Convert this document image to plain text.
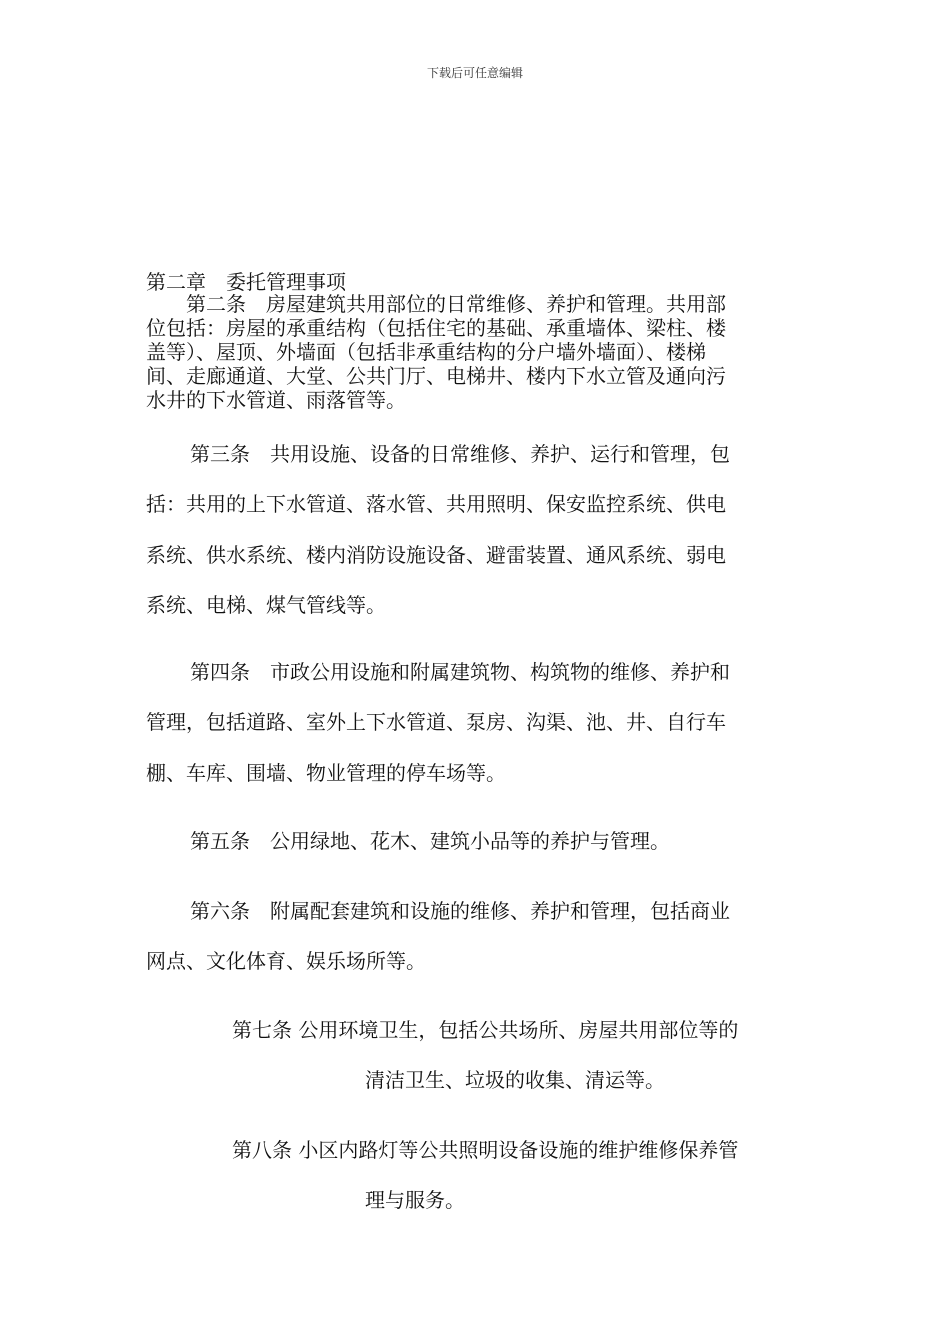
下载后可任意编辑
第二章　委托管理事项

　　第二条　房屋建筑共用部位的日常维修、养护和管理。共用部

位包括：房屋的承重结构（包括住宅的基础、承重墙体、梁柱、楼

盖等）、屋顶、外墙面（包括非承重结构的分户墙外墙面）、楼梯

间、走廊通道、大堂、公共门厅、电梯井、楼内下水立管及通向污

水井的下水管道、雨落管等。

第三条　共用设施、设备的日常维修、养护、运行和管理，包
括：共用的上下水管道、落水管、共用照明、保安监控系统、供电
系统、供水系统、楼内消防设施设备、避雷装置、通风系统、弱电
系统、电梯、煤气管线等。
第四条　市政公用设施和附属建筑物、构筑物的维修、养护和
管理，包括道路、室外上下水管道、泵房、沟渠、池、井、自行车
棚、车库、围墙、物业管理的停车场等。
第五条　公用绿地、花木、建筑小品等的养护与管理。
第六条　附属配套建筑和设施的维修、养护和管理，包括商业
网点、文化体育、娱乐场所等。
第七条 公用环境卫生，包括公共场所、房屋共用部位等的
清洁卫生、垃圾的收集、清运等。
第八条 小区内路灯等公共照明设备设施的维护维修保养管
理与服务。
